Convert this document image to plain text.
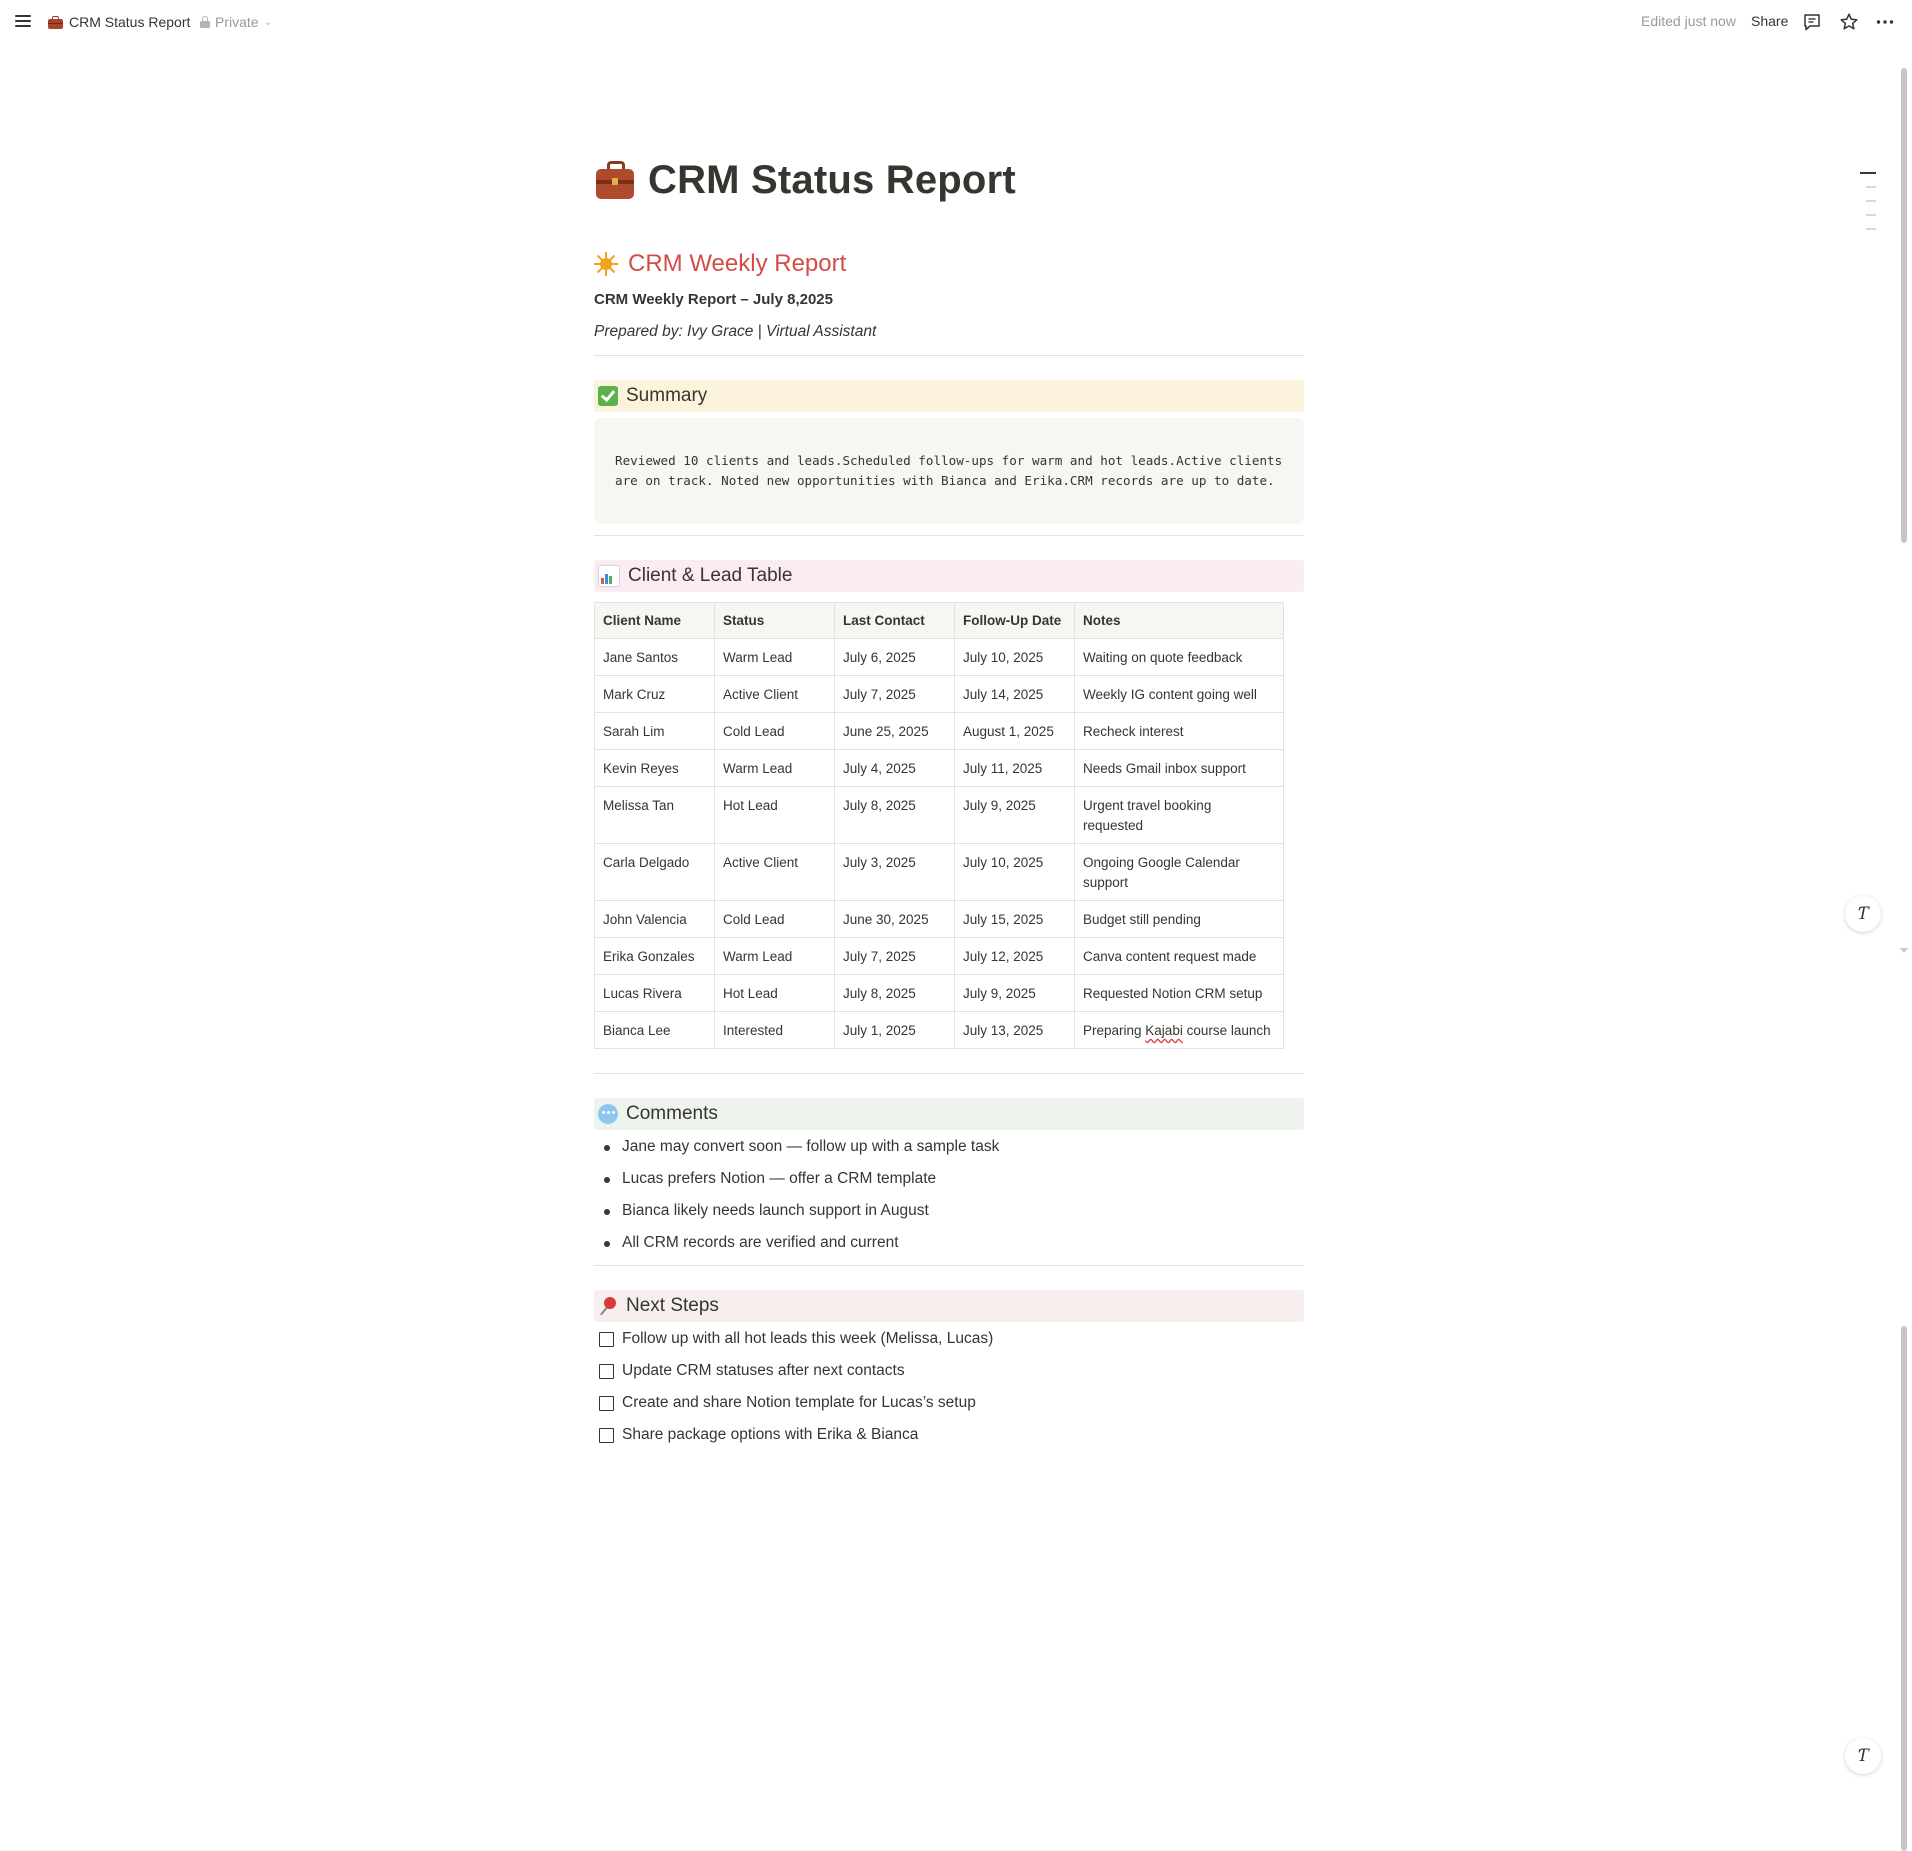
CRM Status Report Private ⌄	Edited just now Share
Ƭ
Ƭ
CRM Status Report
CRM Weekly Report
CRM Weekly Report – July 8,2025
Prepared by: Ivy Grace | Virtual Assistant
Summary

Reviewed 10 clients and leads.Scheduled follow-ups for warm and hot leads.Active clients are on track. Noted new opportunities with Bianca and Erika.CRM records are up to date.

Client & Lead Table
Client Name	Status	Last Contact	Follow-Up Date	Notes
Jane Santos	Warm Lead	July 6, 2025	July 10, 2025	Waiting on quote feedback
Mark Cruz	Active Client	July 7, 2025	July 14, 2025	Weekly IG content going well
Sarah Lim	Cold Lead	June 25, 2025	August 1, 2025	Recheck interest
Kevin Reyes	Warm Lead	July 4, 2025	July 11, 2025	Needs Gmail inbox support
Melissa Tan	Hot Lead	July 8, 2025	July 9, 2025	Urgent travel booking requested
Carla Delgado	Active Client	July 3, 2025	July 10, 2025	Ongoing Google Calendar support
John Valencia	Cold Lead	June 30, 2025	July 15, 2025	Budget still pending
Erika Gonzales	Warm Lead	July 7, 2025	July 12, 2025	Canva content request made
Lucas Rivera	Hot Lead	July 8, 2025	July 9, 2025	Requested Notion CRM setup
Bianca Lee	Interested	July 1, 2025	July 13, 2025	Preparing Kajabi course launch
Comments
Jane may convert soon — follow up with a sample task
Lucas prefers Notion — offer a CRM template
Bianca likely needs launch support in August
All CRM records are verified and current
Next Steps
Follow up with all hot leads this week (Melissa, Lucas)
Update CRM statuses after next contacts
Create and share Notion template for Lucas’s setup
Share package options with Erika & Bianca
